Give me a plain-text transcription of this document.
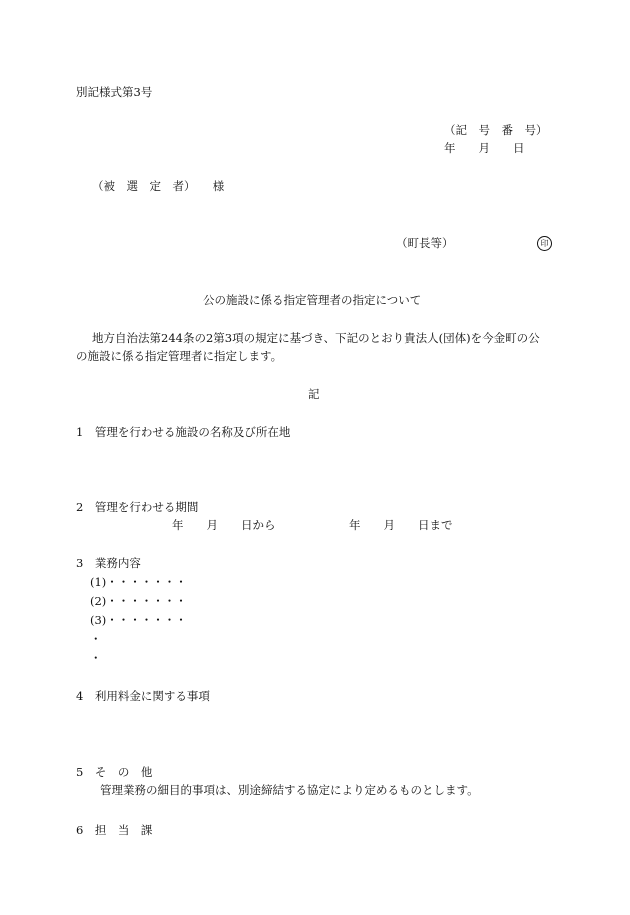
別記様式第3号
（記　号　番　号）
年　　月　　日
（被　選　定　者）　　様
（町長等）	印
公の施設に係る指定管理者の指定について
地方自治法第244条の2第3項の規定に基づき、下記のとおり貴法人(団体)を今金町の公
の施設に係る指定管理者に指定します。
記
1　管理を行わせる施設の名称及び所在地
2　管理を行わせる期間
年　　月　　日から	年　　月　　日まで
3　業務内容
(1)・・・・・・・
(2)・・・・・・・
(3)・・・・・・・
・
・
4　利用料金に関する事項
5　そ　の　他
管理業務の細目的事項は、別途締結する協定により定めるものとします。
6　担　当　課
